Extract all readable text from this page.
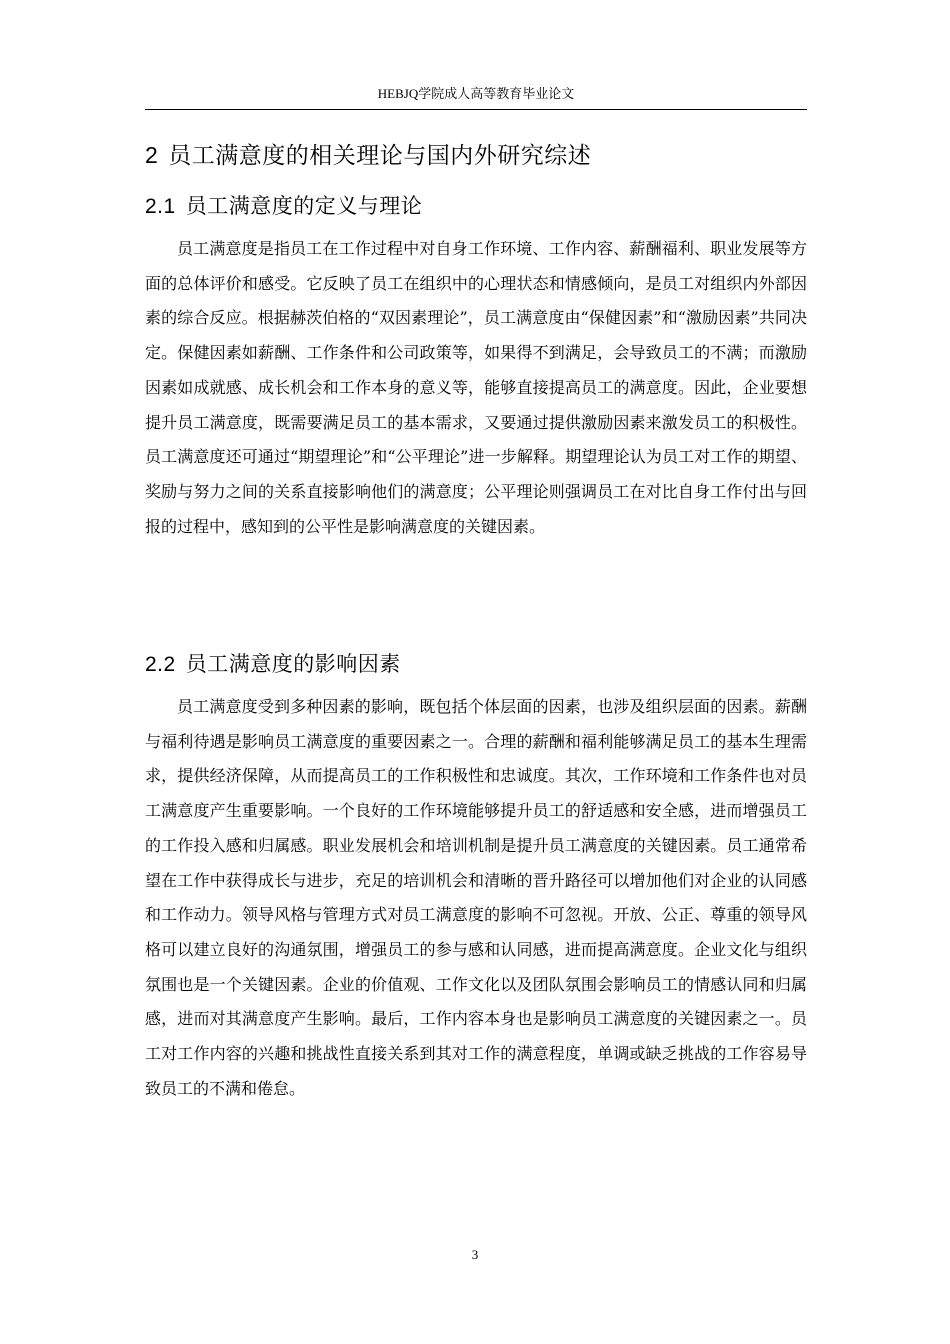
HEBJQ学院成人高等教育毕业论文
2 员工满意度的相关理论与国内外研究综述
2.1 员工满意度的定义与理论

员工满意度是指员工在工作过程中对自身工作环境、工作内容、薪酬福利、职业发展等方面的总体评价和感受。它反映了员工在组织中的心理状态和情感倾向，是员工对组织内外部因素的综合反应。根据赫茨伯格的“双因素理论”，员工满意度由“保健因素”和“激励因素”共同决定。保健因素如薪酬、工作条件和公司政策等，如果得不到满足，会导致员工的不满；而激励因素如成就感、成长机会和工作本身的意义等，能够直接提高员工的满意度。因此，企业要想提升员工满意度，既需要满足员工的基本需求，又要通过提供激励因素来激发员工的积极性。员工满意度还可通过“期望理论”和“公平理论”进一步解释。期望理论认为员工对工作的期望、奖励与努力之间的关系直接影响他们的满意度；公平理论则强调员工在对比自身工作付出与回报的过程中，感知到的公平性是影响满意度的关键因素。

2.2 员工满意度的影响因素

员工满意度受到多种因素的影响，既包括个体层面的因素，也涉及组织层面的因素。薪酬与福利待遇是影响员工满意度的重要因素之一。合理的薪酬和福利能够满足员工的基本生理需求，提供经济保障，从而提高员工的工作积极性和忠诚度。其次，工作环境和工作条件也对员工满意度产生重要影响。一个良好的工作环境能够提升员工的舒适感和安全感，进而增强员工的工作投入感和归属感。职业发展机会和培训机制是提升员工满意度的关键因素。员工通常希望在工作中获得成长与进步，充足的培训机会和清晰的晋升路径可以增加他们对企业的认同感和工作动力。领导风格与管理方式对员工满意度的影响不可忽视。开放、公正、尊重的领导风格可以建立良好的沟通氛围，增强员工的参与感和认同感，进而提高满意度。企业文化与组织氛围也是一个关键因素。企业的价值观、工作文化以及团队氛围会影响员工的情感认同和归属感，进而对其满意度产生影响。最后，工作内容本身也是影响员工满意度的关键因素之一。员工对工作内容的兴趣和挑战性直接关系到其对工作的满意程度，单调或缺乏挑战的工作容易导致员工的不满和倦怠。

3
